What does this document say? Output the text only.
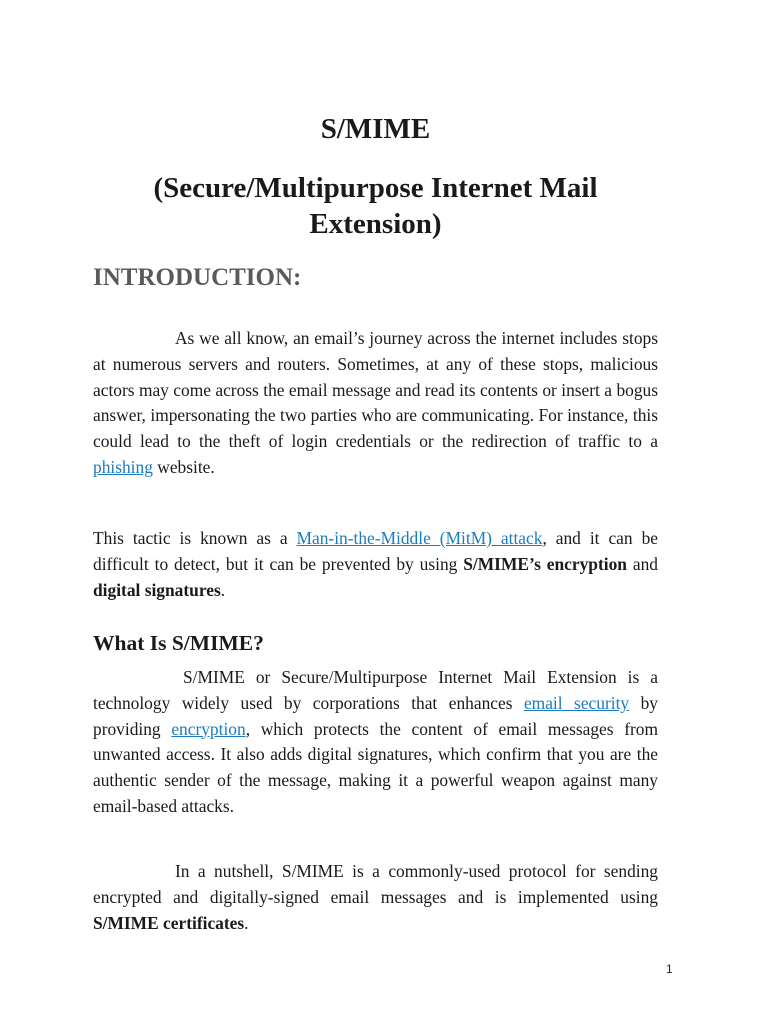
S/MIME
(Secure/Multipurpose Internet Mail Extension)
INTRODUCTION:

As we all know, an email’s journey across the internet includes stops at numerous servers and routers. Sometimes, at any of these stops, malicious actors may come across the email message and read its contents or insert a bogus answer, impersonating the two parties who are communicating. For instance, this could lead to the theft of login credentials or the redirection of traffic to a phishing website.

This tactic is known as a Man-in-the-Middle (MitM) attack, and it can be difficult to detect, but it can be prevented by using S/MIME’s encryption and digital signatures.

What Is S/MIME?

S/MIME or Secure/Multipurpose Internet Mail Extension is a technology widely used by corporations that enhances email security by providing encryption, which protects the content of email messages from unwanted access. It also adds digital signatures, which confirm that you are the authentic sender of the message, making it a powerful weapon against many email-based attacks.

In a nutshell, S/MIME is a commonly-used protocol for sending encrypted and digitally-signed email messages and is implemented using S/MIME certificates.

1
